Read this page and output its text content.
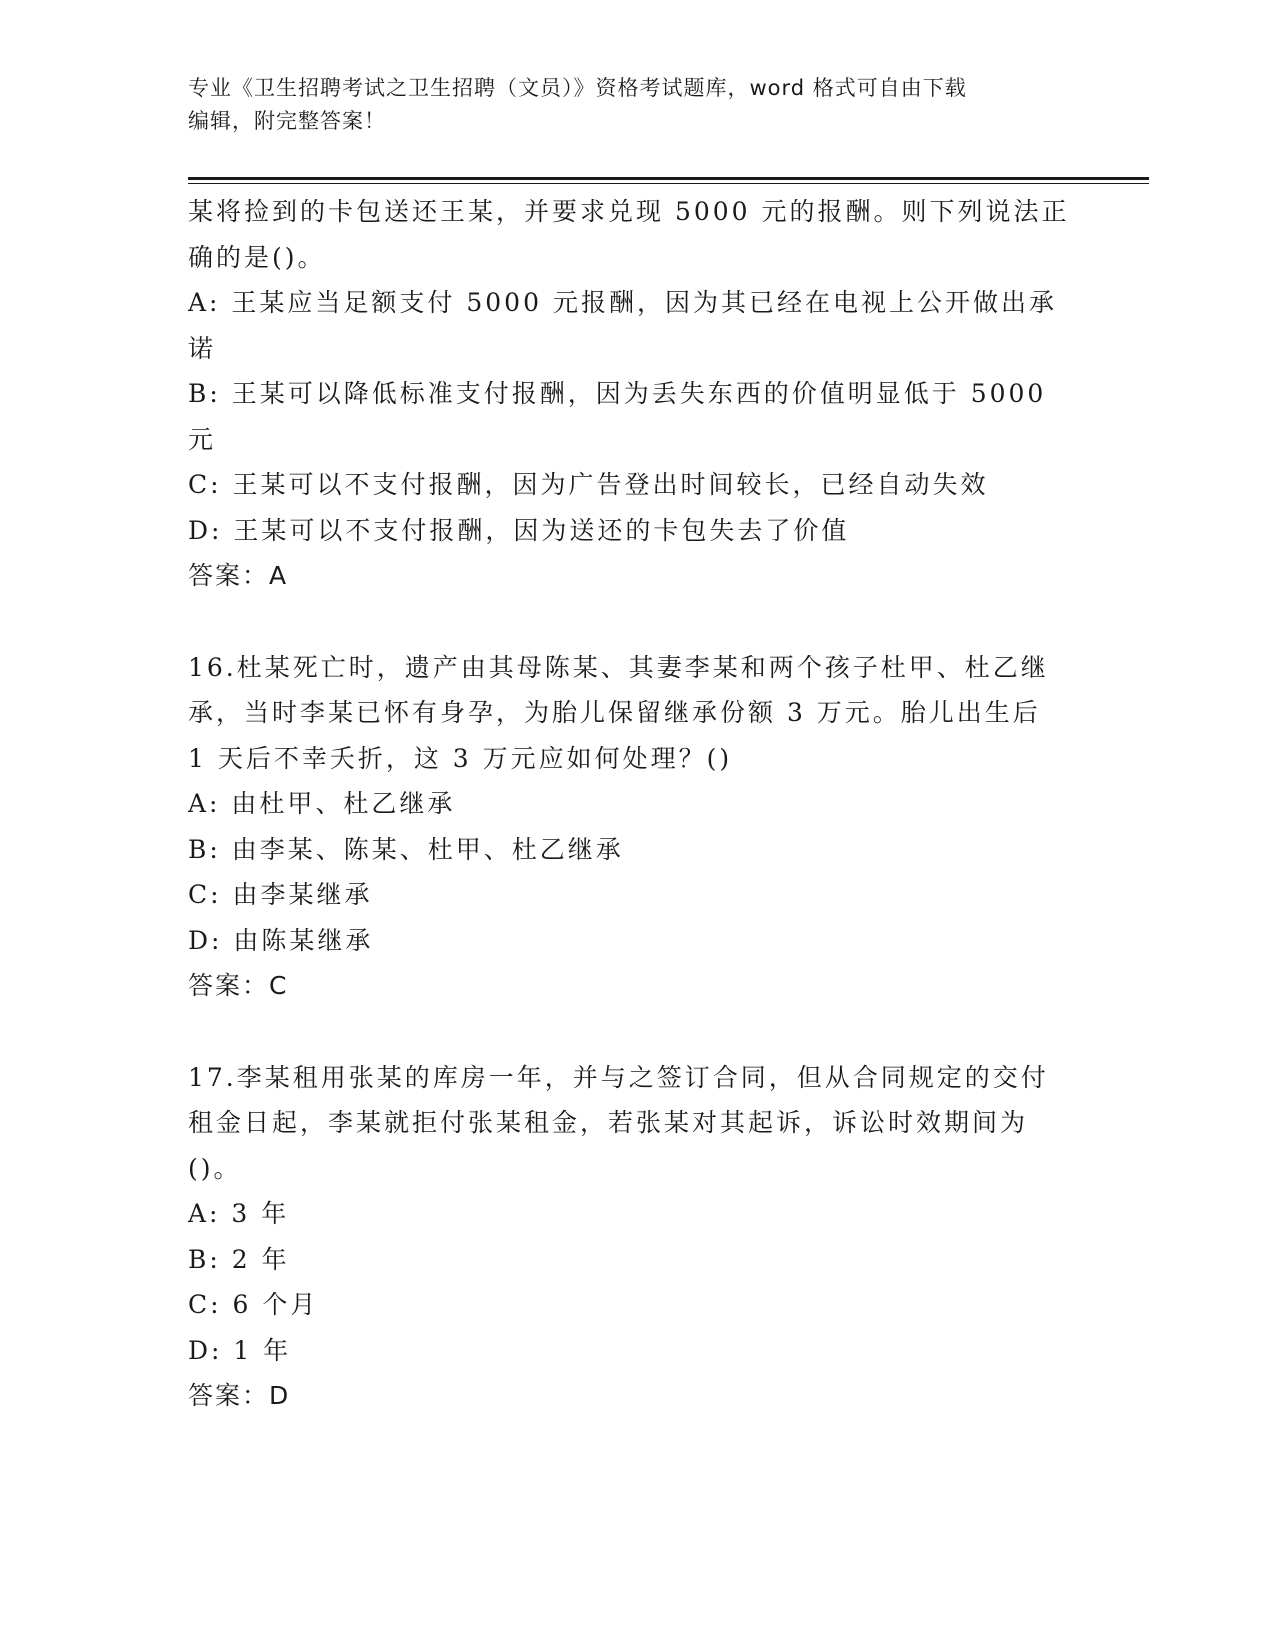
专业《卫生招聘考试之卫生招聘（文员）》资格考试题库，word 格式可自由下载
编辑，附完整答案！
某将捡到的卡包送还王某，并要求兑现 5000 元的报酬。则下列说法正
确的是()。
A: 王某应当足额支付 5000 元报酬，因为其已经在电视上公开做出承
诺
B: 王某可以降低标准支付报酬，因为丢失东西的价值明显低于 5000
元
C: 王某可以不支付报酬，因为广告登出时间较长，已经自动失效
D: 王某可以不支付报酬，因为送还的卡包失去了价值
答案：A
16.杜某死亡时，遗产由其母陈某、其妻李某和两个孩子杜甲、杜乙继
承，当时李某已怀有身孕，为胎儿保留继承份额 3 万元。胎儿出生后
1 天后不幸夭折，这 3 万元应如何处理？()
A: 由杜甲、杜乙继承
B: 由李某、陈某、杜甲、杜乙继承
C: 由李某继承
D: 由陈某继承
答案：C
17.李某租用张某的库房一年，并与之签订合同，但从合同规定的交付
租金日起，李某就拒付张某租金，若张某对其起诉，诉讼时效期间为
()。
A: 3 年
B: 2 年
C: 6 个月
D: 1 年
答案：D
